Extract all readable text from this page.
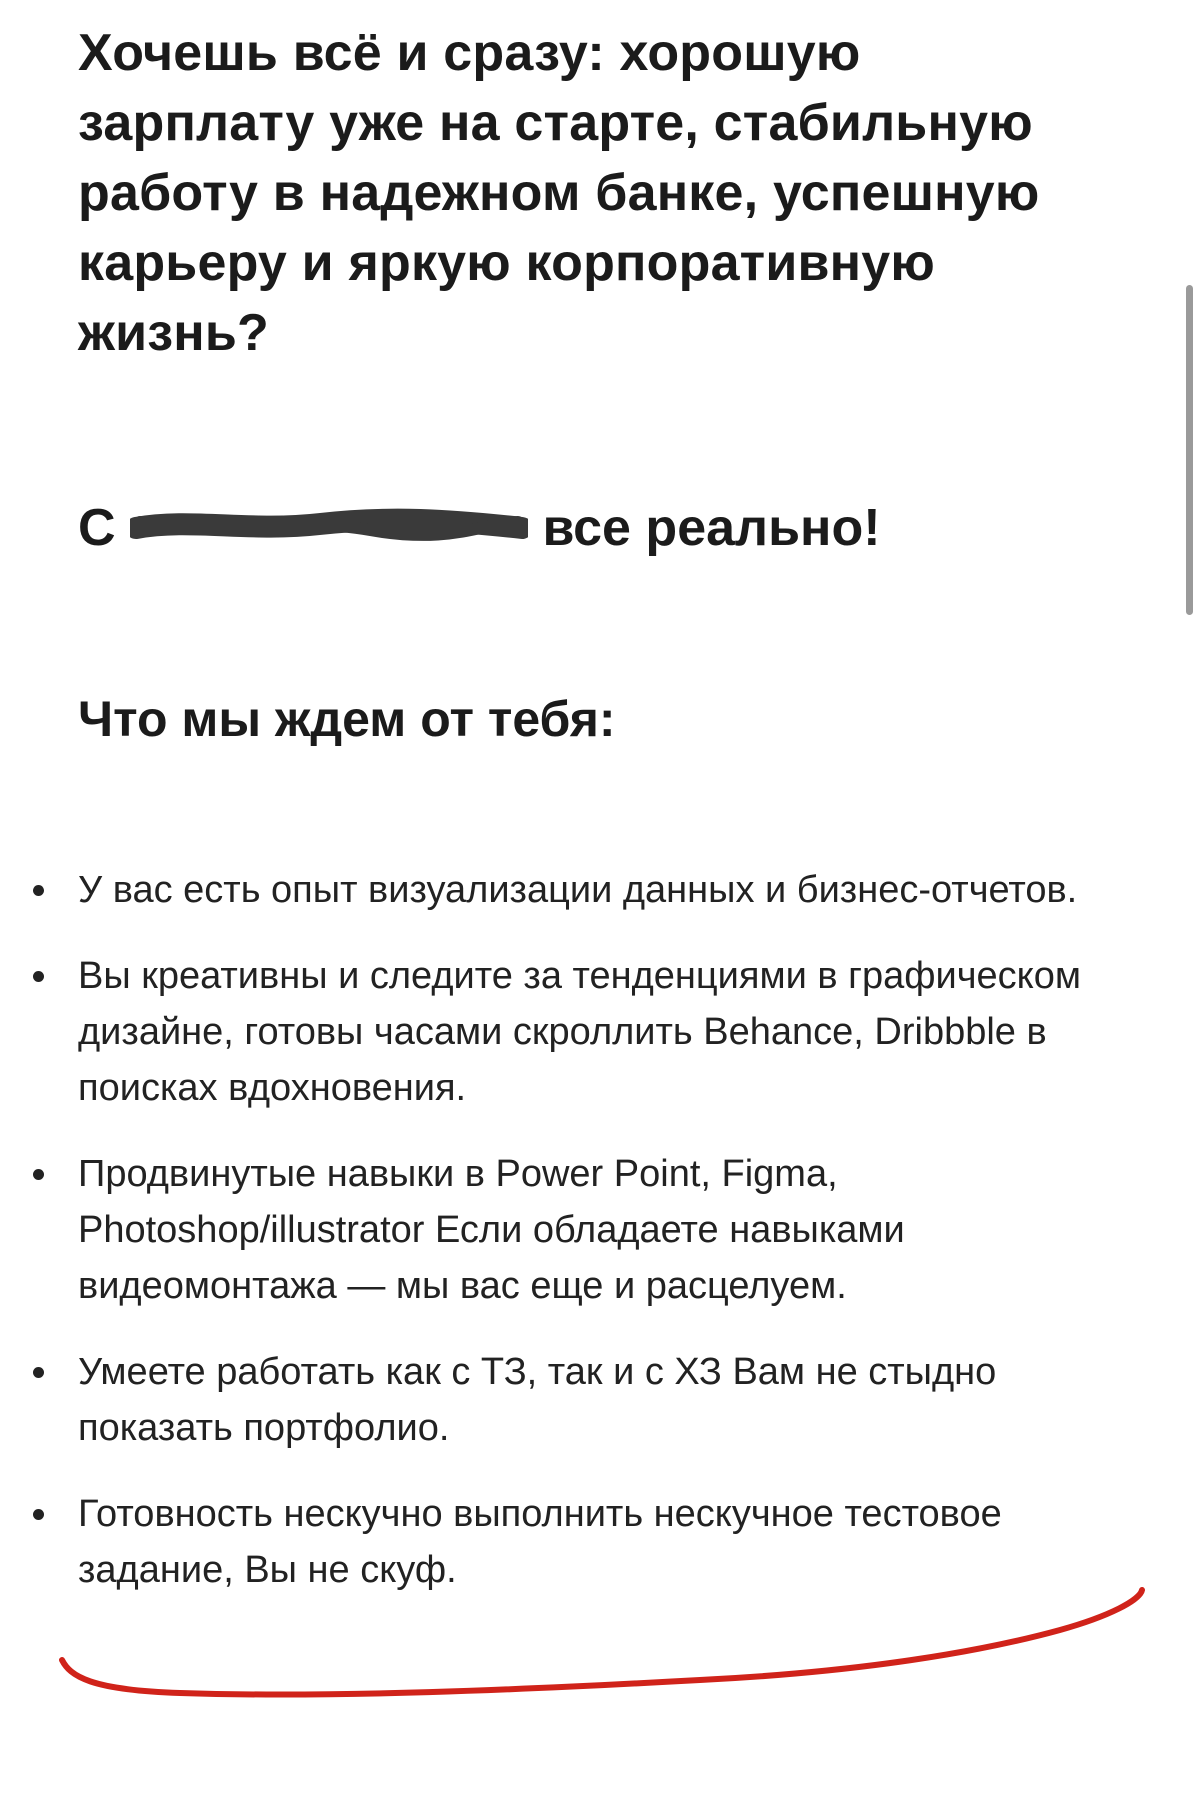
Хочешь всё и сразу: хорошую зарплату уже на старте, стабильную работу в надежном банке, успешную карьеру и яркую корпоративную жизнь?

С	все реально!

Что мы ждем от тебя:
У вас есть опыт визуализации данных и бизнес-отчетов.
Вы креативны и следите за тенденциями в графическом дизайне, готовы часами скроллить Behance, Dribbble в поисках вдохновения.
Продвинутые навыки в Power Point, Figma, Photoshop/illustrator Если обладаете навыками видеомонтажа — мы вас еще и расцелуем.
Умеете работать как с ТЗ, так и с ХЗ Вам не стыдно показать портфолио.
Готовность нескучно выполнить нескучное тестовое задание, Вы не скуф.
